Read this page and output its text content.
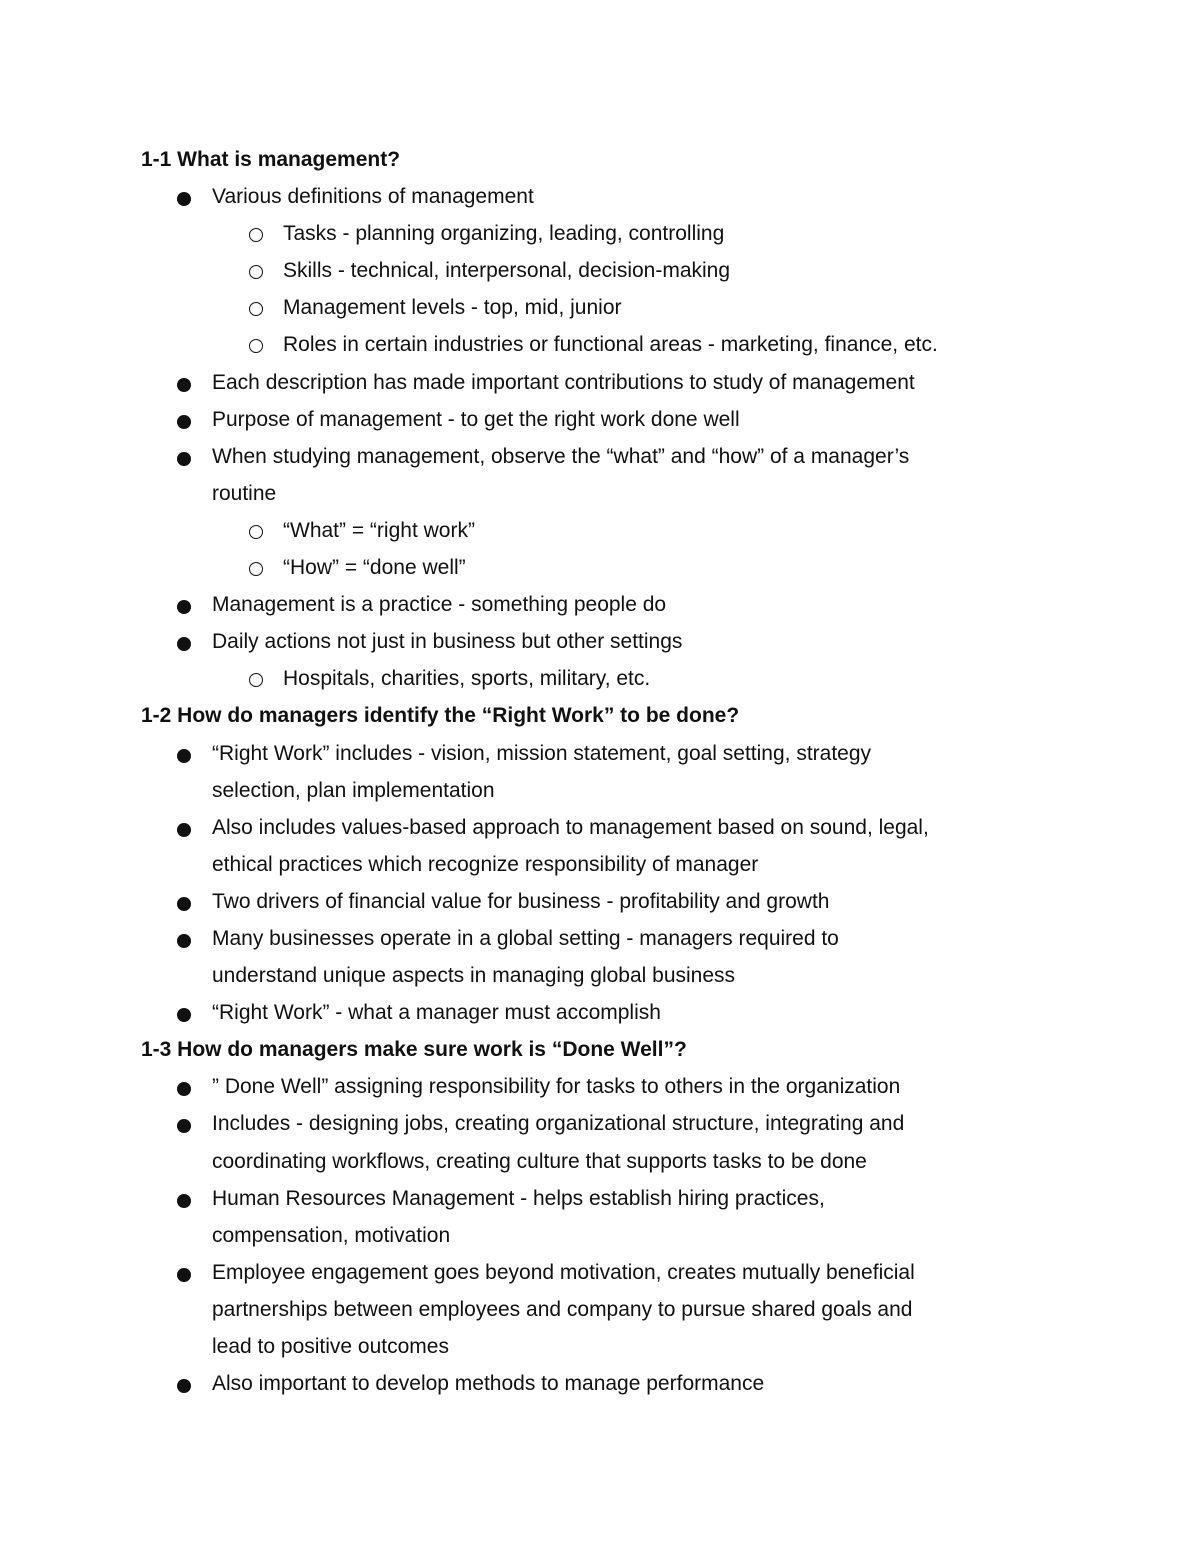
1-1 What is management?
Various definitions of management
Tasks - planning organizing, leading, controlling
Skills - technical, interpersonal, decision-making
Management levels - top, mid, junior
Roles in certain industries or functional areas - marketing, finance, etc.
Each description has made important contributions to study of management
Purpose of management - to get the right work done well
When studying management, observe the “what” and “how” of a manager’s
routine
“What” = “right work”
“How” = “done well”
Management is a practice - something people do
Daily actions not just in business but other settings
Hospitals, charities, sports, military, etc.
1-2 How do managers identify the “Right Work” to be done?
“Right Work” includes - vision, mission statement, goal setting, strategy
selection, plan implementation
Also includes values-based approach to management based on sound, legal,
ethical practices which recognize responsibility of manager
Two drivers of financial value for business - profitability and growth
Many businesses operate in a global setting - managers required to
understand unique aspects in managing global business
“Right Work” - what a manager must accomplish
1-3 How do managers make sure work is “Done Well”?
” Done Well” assigning responsibility for tasks to others in the organization
Includes - designing jobs, creating organizational structure, integrating and
coordinating workflows, creating culture that supports tasks to be done
Human Resources Management - helps establish hiring practices,
compensation, motivation
Employee engagement goes beyond motivation, creates mutually beneficial
partnerships between employees and company to pursue shared goals and
lead to positive outcomes
Also important to develop methods to manage performance
